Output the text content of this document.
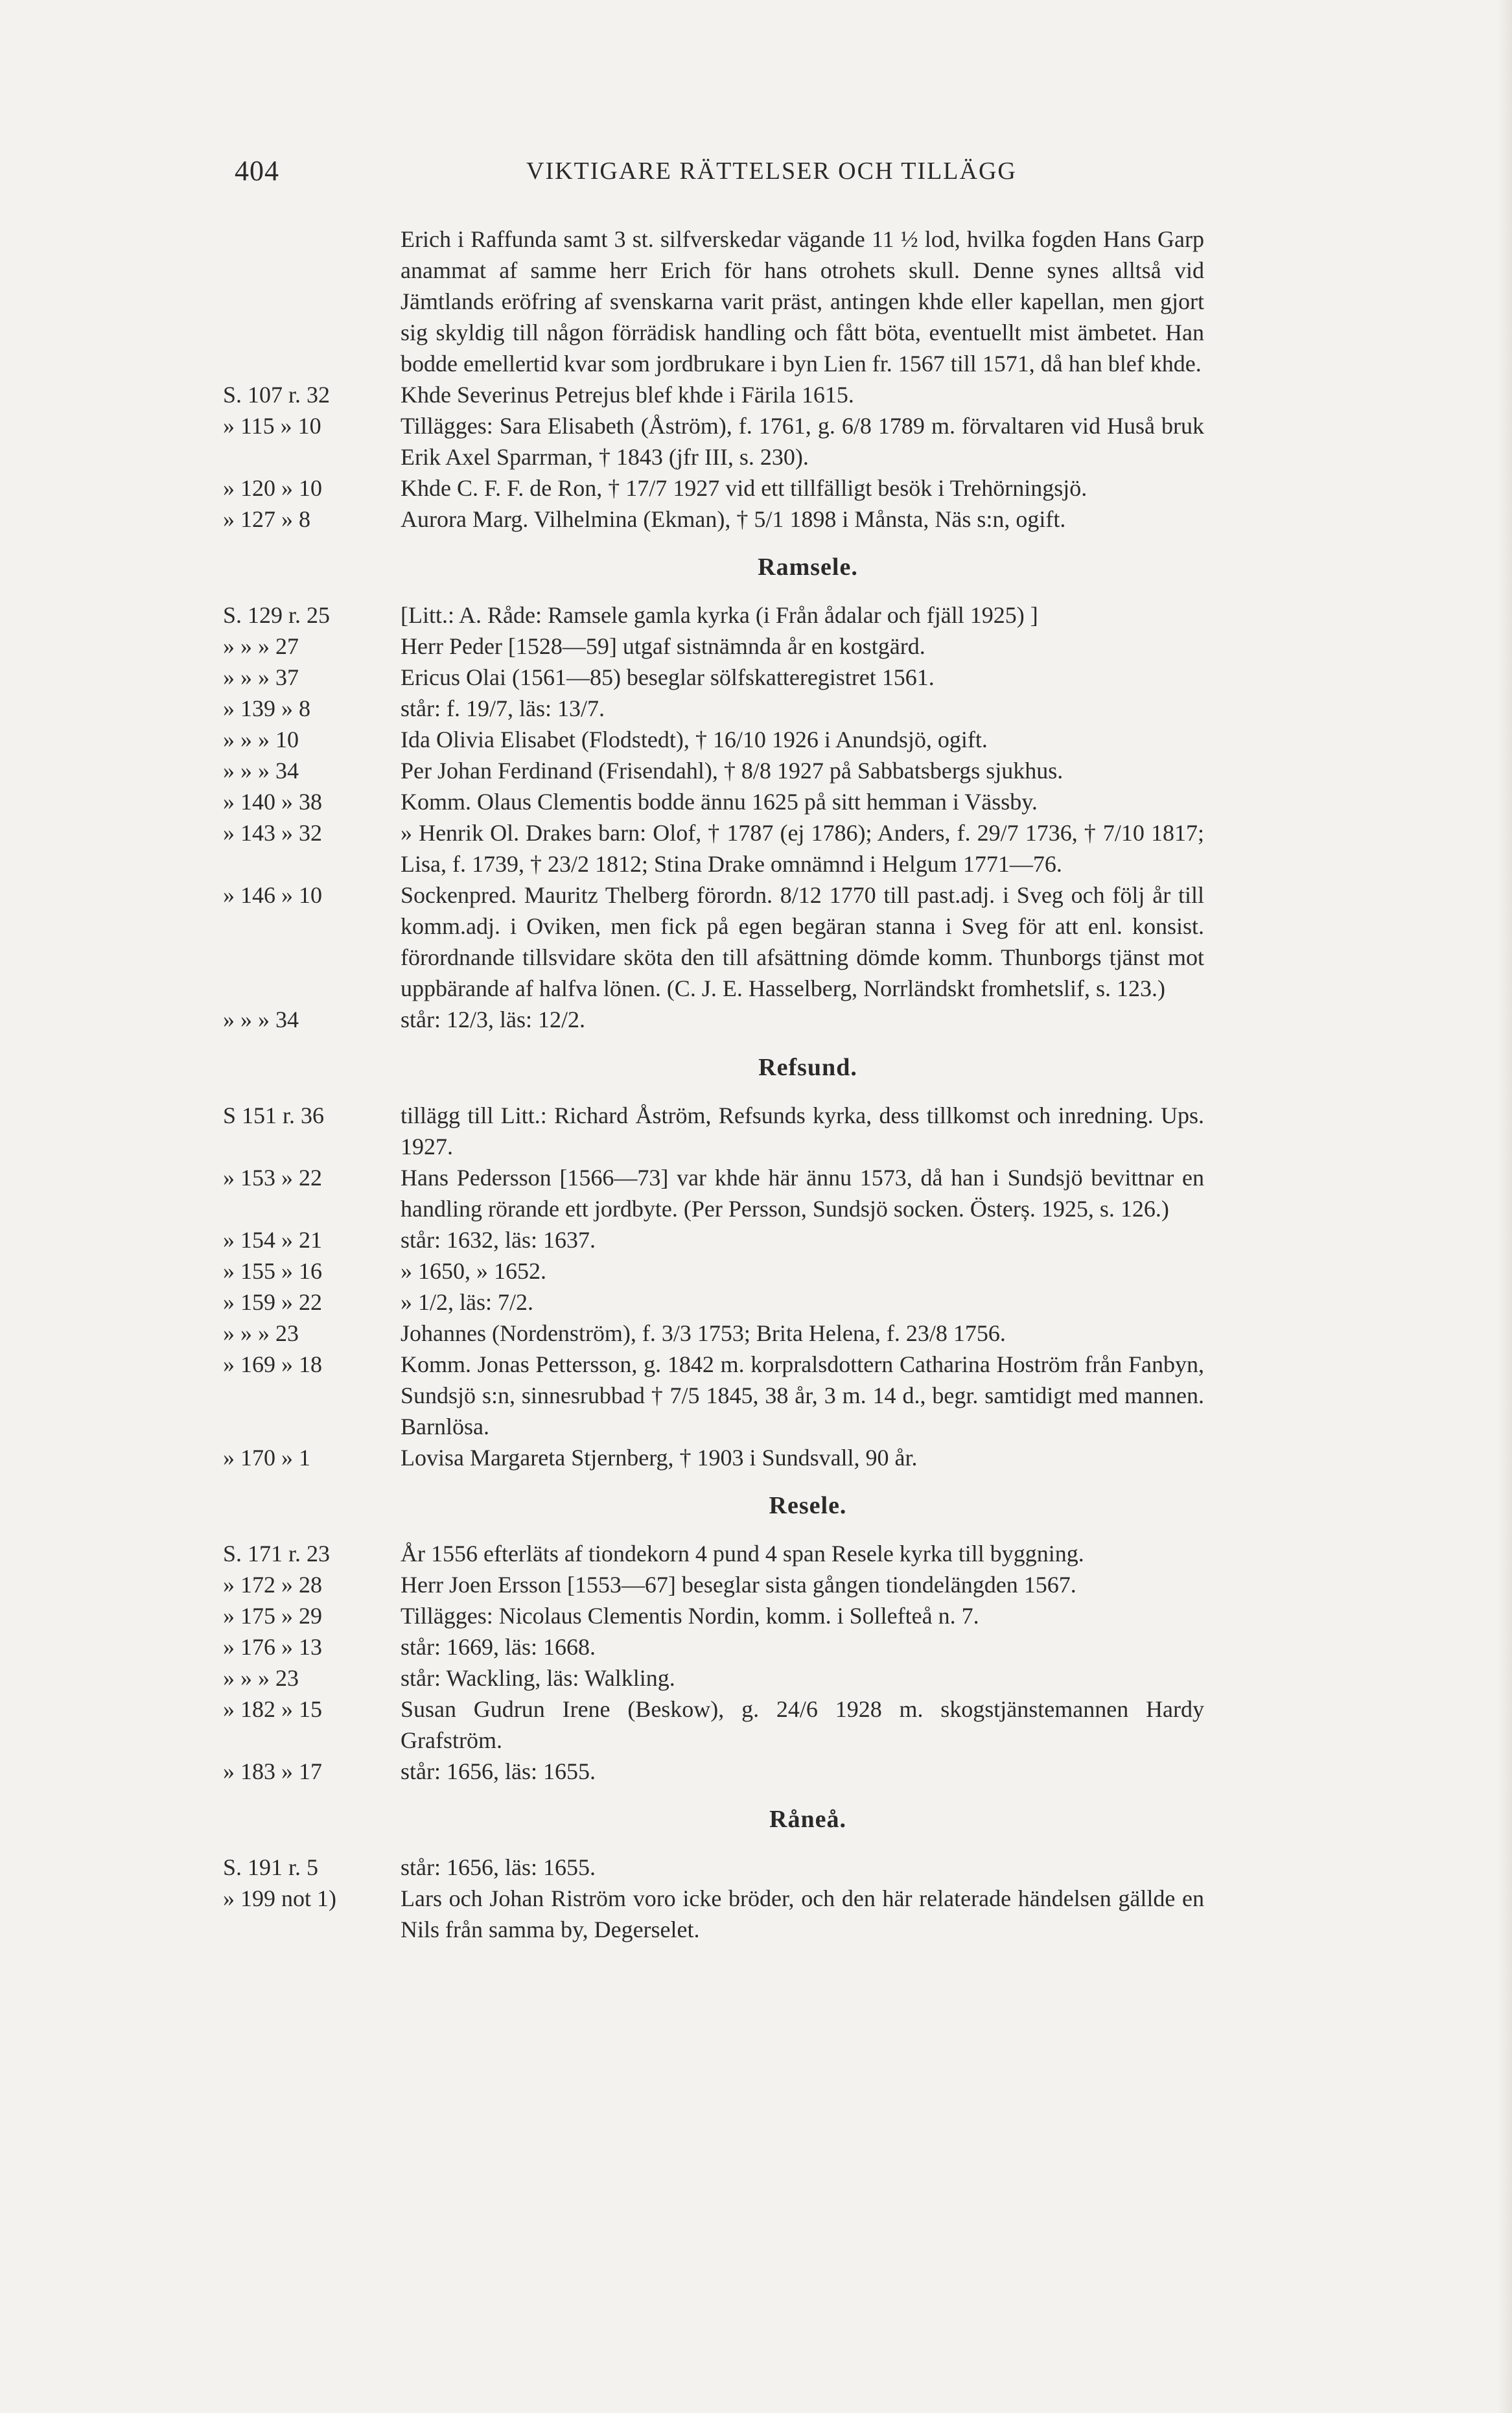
404	VIKTIGARE RÄTTELSER OCH TILLÄGG
Erich i Raffunda samt 3 st. silfverskedar vägande 11 ½ lod, hvilka fogden Hans Garp anammat af samme herr Erich för hans otrohets skull. Denne synes alltså vid Jämtlands eröfring af svenskarna varit präst, antingen khde eller kapellan, men gjort sig skyldig till någon förrädisk handling och fått böta, eventuellt mist ämbetet. Han bodde emellertid kvar som jordbrukare i byn Lien fr. 1567 till 1571, då han blef khde.
S. 107 r. 32	Khde Severinus Petrejus blef khde i Färila 1615.
» 115 » 10	Tillägges: Sara Elisabeth (Åström), f. 1761, g. 6/8 1789 m. förvaltaren vid Huså bruk Erik Axel Sparrman, † 1843 (jfr III, s. 230).
» 120 » 10	Khde C. F. F. de Ron, † 17/7 1927 vid ett tillfälligt besök i Trehörningsjö.
» 127 » 8	Aurora Marg. Vilhelmina (Ekman), † 5/1 1898 i Månsta, Näs s:n, ogift.
Ramsele.
S. 129 r. 25	[Litt.: A. Råde: Ramsele gamla kyrka (i Från ådalar och fjäll 1925) ]
» » » 27	Herr Peder [1528—59] utgaf sistnämnda år en kostgärd.
» » » 37	Ericus Olai (1561—85) beseglar sölfskatteregistret 1561.
» 139 » 8	står: f. 19/7, läs: 13/7.
» » » 10	Ida Olivia Elisabet (Flodstedt), † 16/10 1926 i Anundsjö, ogift.
» » » 34	Per Johan Ferdinand (Frisendahl), † 8/8 1927 på Sabbatsbergs sjukhus.
» 140 » 38	Komm. Olaus Clementis bodde ännu 1625 på sitt hemman i Vässby.
» 143 » 32	» Henrik Ol. Drakes barn: Olof, † 1787 (ej 1786); Anders, f. 29/7 1736, † 7/10 1817; Lisa, f. 1739, † 23/2 1812; Stina Drake omnämnd i Helgum 1771—76.
» 146 » 10	Sockenpred. Mauritz Thelberg förordn. 8/12 1770 till past.adj. i Sveg och följ år till komm.adj. i Oviken, men fick på egen begäran stanna i Sveg för att enl. konsist. förordnande tillsvidare sköta den till afsättning dömde komm. Thunborgs tjänst mot uppbärande af halfva lönen. (C. J. E. Hasselberg, Norrländskt fromhetslif, s. 123.)
» » » 34	står: 12/3, läs: 12/2.
Refsund.
S 151 r. 36	tillägg till Litt.: Richard Åström, Refsunds kyrka, dess tillkomst och inredning. Ups. 1927.
» 153 » 22	Hans Pedersson [1566—73] var khde här ännu 1573, då han i Sundsjö bevittnar en handling rörande ett jordbyte. (Per Persson, Sundsjö socken. Österș. 1925, s. 126.)
» 154 » 21	står: 1632, läs: 1637.
» 155 » 16	» 1650, » 1652.
» 159 » 22	» 1/2, läs: 7/2.
» » » 23	Johannes (Nordenström), f. 3/3 1753; Brita Helena, f. 23/8 1756.
» 169 » 18	Komm. Jonas Pettersson, g. 1842 m. korpralsdottern Catharina Hoström från Fanbyn, Sundsjö s:n, sinnesrubbad † 7/5 1845, 38 år, 3 m. 14 d., begr. samtidigt med mannen. Barnlösa.
» 170 » 1	Lovisa Margareta Stjernberg, † 1903 i Sundsvall, 90 år.
Resele.
S. 171 r. 23	År 1556 efterläts af tiondekorn 4 pund 4 span Resele kyrka till byggning.
» 172 » 28	Herr Joen Ersson [1553—67] beseglar sista gången tiondelängden 1567.
» 175 » 29	Tillägges: Nicolaus Clementis Nordin, komm. i Sollefteå n. 7.
» 176 » 13	står: 1669, läs: 1668.
» » » 23	står: Wackling, läs: Walkling.
» 182 » 15	Susan Gudrun Irene (Beskow), g. 24/6 1928 m. skogstjänstemannen Hardy Grafström.
» 183 » 17	står: 1656, läs: 1655.
Råneå.
S. 191 r. 5	står: 1656, läs: 1655.
» 199 not 1)	Lars och Johan Riström voro icke bröder, och den här relaterade händelsen gällde en Nils från samma by, Degerselet.
